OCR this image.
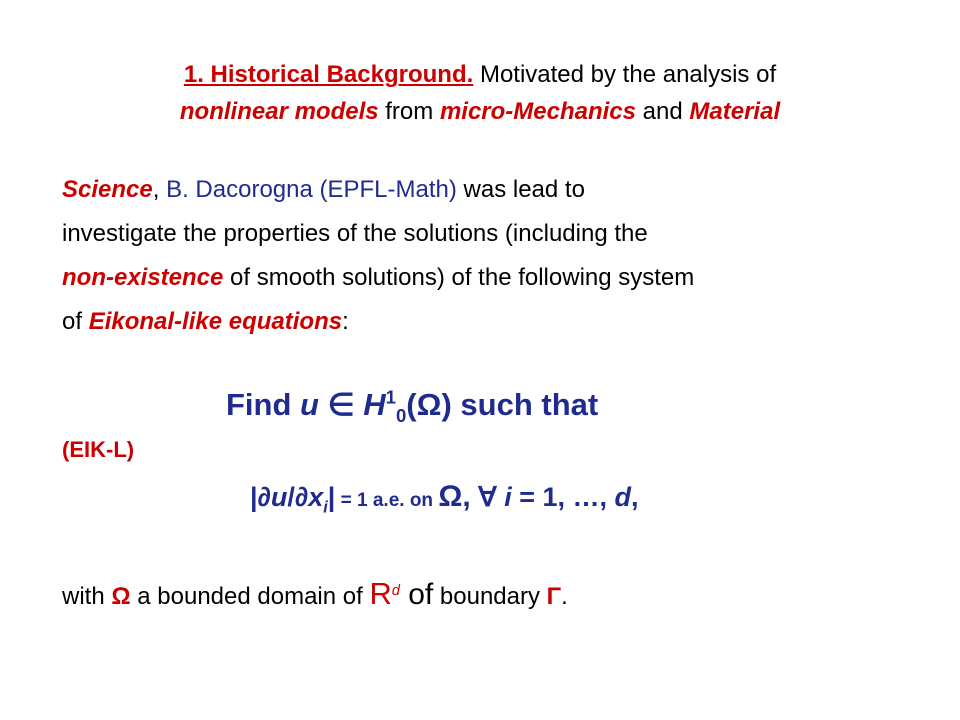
1. Historical Background. Motivated by the analysis of
nonlinear models from micro-Mechanics and Material
Science, B. Dacorogna (EPFL-Math) was lead to
investigate the properties of the solutions (including the
non-existence of smooth solutions) of the following system
of Eikonal-like equations:
Find u ∈ $H^1_0(\Omega)$ such that
(EIK-L)
$|\partial u/\partial x_i| = 1$ a.e. on Ω, ∀ i = 1, …, d,
with Ω a bounded domain of $R^d$ of boundary Γ.
